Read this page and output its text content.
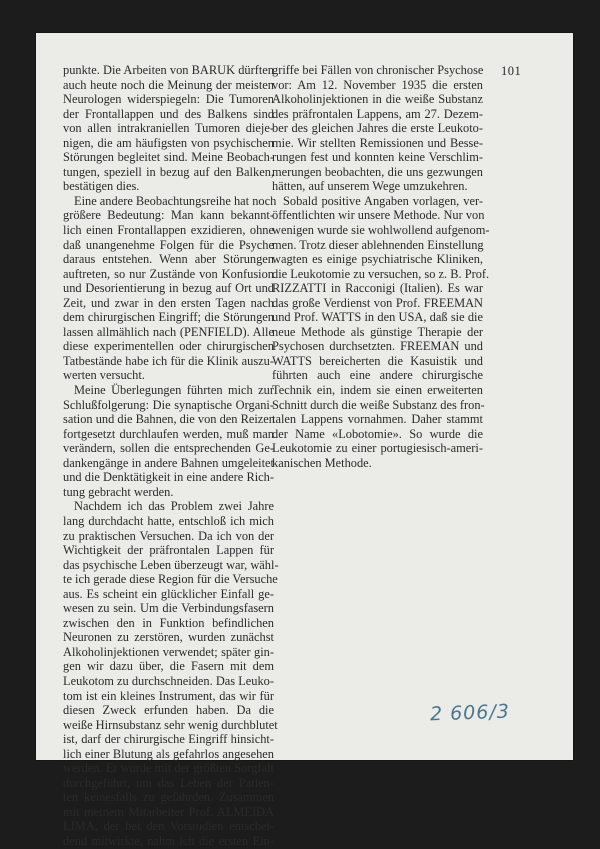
punkte. Die Arbeiten von BARUK dürften
auch heute noch die Meinung der meisten
Neurologen widerspiegeln: Die Tumoren
der Frontallappen und des Balkens sind
von allen intrakraniellen Tumoren dieje-
nigen, die am häufigsten von psychischen
Störungen begleitet sind. Meine Beobach-
tungen, speziell in bezug auf den Balken,
bestätigen dies.
Eine andere Beobachtungsreihe hat noch
größere Bedeutung: Man kann bekannt-
lich einen Frontallappen exzidieren, ohne
daß unangenehme Folgen für die Psyche
daraus entstehen. Wenn aber Störungen
auftreten, so nur Zustände von Konfusion
und Desorientierung in bezug auf Ort und
Zeit, und zwar in den ersten Tagen nach
dem chirurgischen Eingriff; die Störungen
lassen allmählich nach (PENFIELD). Alle
diese experimentellen oder chirurgischen
Tatbestände habe ich für die Klinik auszu-
werten versucht.
Meine Überlegungen führten mich zur
Schlußfolgerung: Die synaptische Organi-
sation und die Bahnen, die von den Reizen
fortgesetzt durchlaufen werden, muß man
verändern, sollen die entsprechenden Ge-
dankengänge in andere Bahnen umgeleitet
und die Denktätigkeit in eine andere Rich-
tung gebracht werden.
Nachdem ich das Problem zwei Jahre
lang durchdacht hatte, entschloß ich mich
zu praktischen Versuchen. Da ich von der
Wichtigkeit der präfrontalen Lappen für
das psychische Leben überzeugt war, wähl-
te ich gerade diese Region für die Versuche
aus. Es scheint ein glücklicher Einfall ge-
wesen zu sein. Um die Verbindungsfasern
zwischen den in Funktion befindlichen
Neuronen zu zerstören, wurden zunächst
Alkoholinjektionen verwendet; später gin-
gen wir dazu über, die Fasern mit dem
Leukotom zu durchschneiden. Das Leuko-
tom ist ein kleines Instrument, das wir für
diesen Zweck erfunden haben. Da die
weiße Hirnsubstanz sehr wenig durchblutet
ist, darf der chirurgische Eingriff hinsicht-
lich einer Blutung als gefahrlos angesehen
werden. Er wurde mit der größten Sorgfalt
durchgeführt, um das Leben der Patien-
ten keinesfalls zu gefährden. Zusammen
mit meinem Mitarbeiter Prof. ALMEIDA
LIMA, der bei den Vorstudien entschei-
dend mitwirkte, nahm ich die ersten Ein-
griffe bei Fällen von chronischer Psychose
vor: Am 12. November 1935 die ersten
Alkoholinjektionen in die weiße Substanz
des präfrontalen Lappens, am 27. Dezem-
ber des gleichen Jahres die erste Leukoto-
mie. Wir stellten Remissionen und Besse-
rungen fest und konnten keine Verschlim-
merungen beobachten, die uns gezwungen
hätten, auf unserem Wege umzukehren.
Sobald positive Angaben vorlagen, ver-
öffentlichten wir unsere Methode. Nur von
wenigen wurde sie wohlwollend aufgenom-
men. Trotz dieser ablehnenden Einstellung
wagten es einige psychiatrische Kliniken,
die Leukotomie zu versuchen, so z. B. Prof.
RIZZATTI in Racconigi (Italien). Es war
das große Verdienst von Prof. FREEMAN
und Prof. WATTS in den USA, daß sie die
neue Methode als günstige Therapie der
Psychosen durchsetzten. FREEMAN und
WATTS bereicherten die Kasuistik und
führten auch eine andere chirurgische
Technik ein, indem sie einen erweiterten
Schnitt durch die weiße Substanz des fron-
talen Lappens vornahmen. Daher stammt
der Name «Lobotomie». So wurde die
Leukotomie zu einer portugiesisch-ameri-
kanischen Methode.
101
2 606/3
